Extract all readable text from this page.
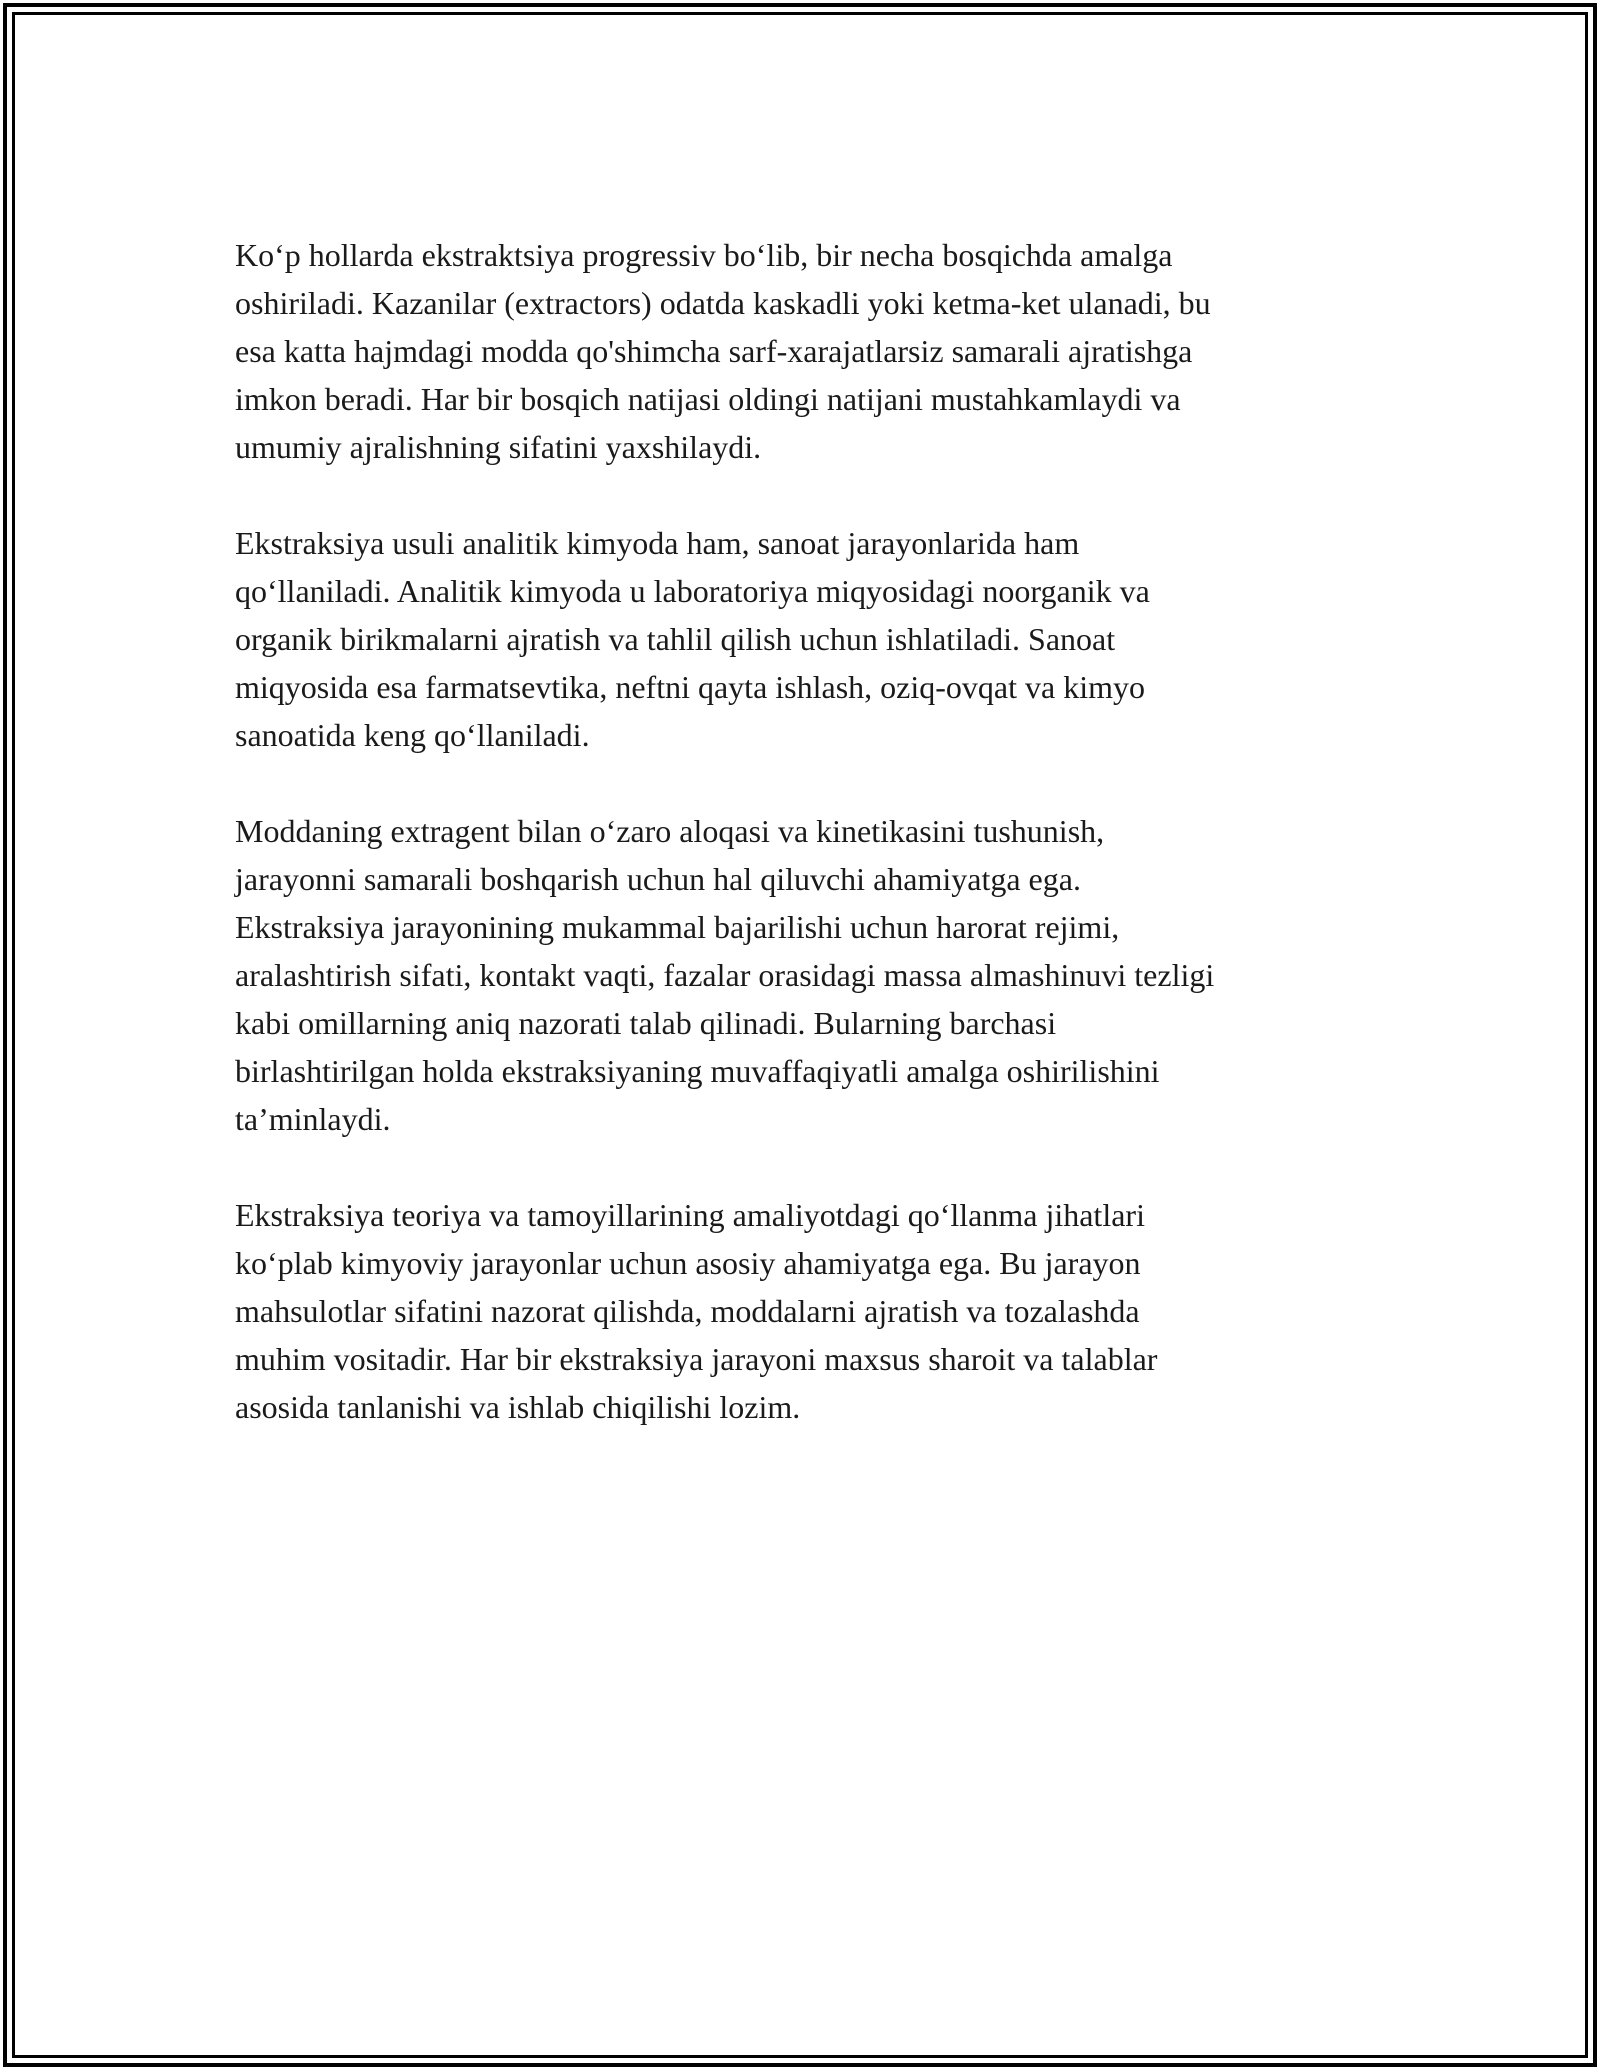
Ko‘p hollarda ekstraktsiya progressiv bo‘lib, bir necha bosqichda amalga
oshiriladi. Kazanilar (extractors) odatda kaskadli yoki ketma-ket ulanadi, bu
esa katta hajmdagi modda qo'shimcha sarf-xarajatlarsiz samarali ajratishga
imkon beradi. Har bir bosqich natijasi oldingi natijani mustahkamlaydi va
umumiy ajralishning sifatini yaxshilaydi.

Ekstraksiya usuli analitik kimyoda ham, sanoat jarayonlarida ham
qo‘llaniladi. Analitik kimyoda u laboratoriya miqyosidagi noorganik va
organik birikmalarni ajratish va tahlil qilish uchun ishlatiladi. Sanoat
miqyosida esa farmatsevtika, neftni qayta ishlash, oziq-ovqat va kimyo
sanoatida keng qo‘llaniladi.

Moddaning extragent bilan o‘zaro aloqasi va kinetikasini tushunish,
jarayonni samarali boshqarish uchun hal qiluvchi ahamiyatga ega.
Ekstraksiya jarayonining mukammal bajarilishi uchun harorat rejimi,
aralashtirish sifati, kontakt vaqti, fazalar orasidagi massa almashinuvi tezligi
kabi omillarning aniq nazorati talab qilinadi. Bularning barchasi
birlashtirilgan holda ekstraksiyaning muvaffaqiyatli amalga oshirilishini
ta’minlaydi.

Ekstraksiya teoriya va tamoyillarining amaliyotdagi qo‘llanma jihatlari
ko‘plab kimyoviy jarayonlar uchun asosiy ahamiyatga ega. Bu jarayon
mahsulotlar sifatini nazorat qilishda, moddalarni ajratish va tozalashda
muhim vositadir. Har bir ekstraksiya jarayoni maxsus sharoit va talablar
asosida tanlanishi va ishlab chiqilishi lozim.
